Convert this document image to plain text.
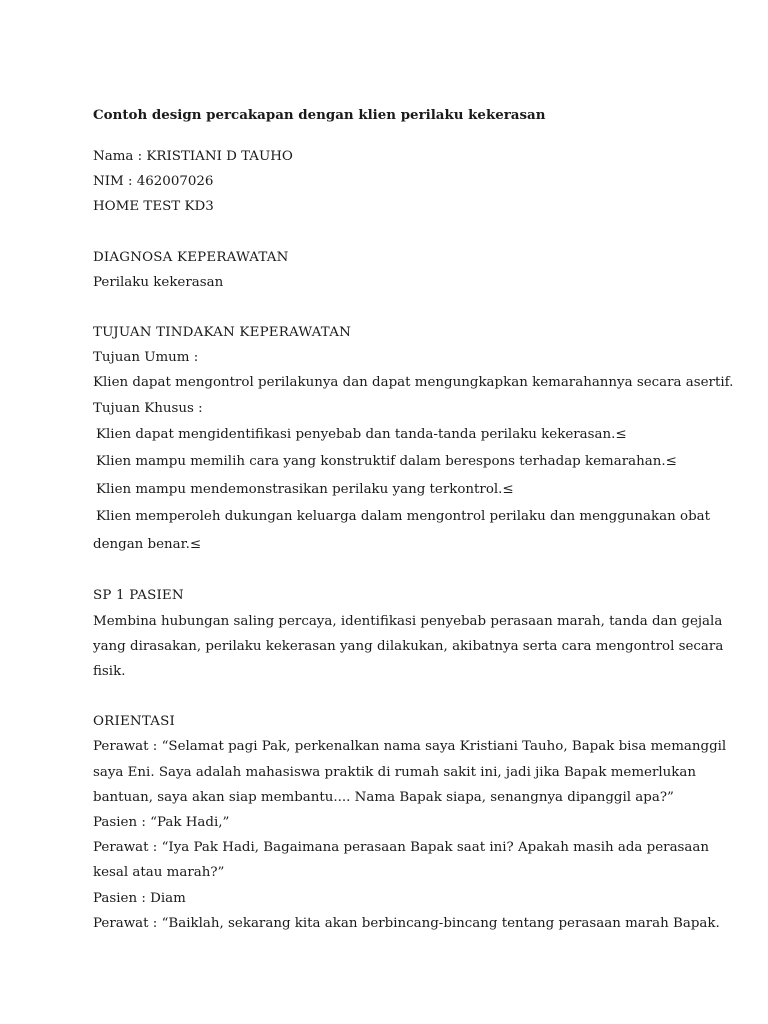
Contoh design percakapan dengan klien perilaku kekerasan

Nama : KRISTIANI D TAUHO

NIM : 462007026

HOME TEST KD3

DIAGNOSA KEPERAWATAN

Perilaku kekerasan

TUJUAN TINDAKAN KEPERAWATAN

Tujuan Umum :

Klien dapat mengontrol perilakunya dan dapat mengungkapkan kemarahannya secara asertif.

Tujuan Khusus :

Klien dapat mengidentifikasi penyebab dan tanda-tanda perilaku kekerasan.≤

Klien mampu memilih cara yang konstruktif dalam berespons terhadap kemarahan.≤

Klien mampu mendemonstrasikan perilaku yang terkontrol.≤

Klien memperoleh dukungan keluarga dalam mengontrol perilaku dan menggunakan obat

dengan benar.≤

SP 1 PASIEN

Membina hubungan saling percaya, identifikasi penyebab perasaan marah, tanda dan gejala

yang dirasakan, perilaku kekerasan yang dilakukan, akibatnya serta cara mengontrol secara

fisik.

ORIENTASI

Perawat : “Selamat pagi Pak, perkenalkan nama saya Kristiani Tauho, Bapak bisa memanggil

saya Eni. Saya adalah mahasiswa praktik di rumah sakit ini, jadi jika Bapak memerlukan

bantuan, saya akan siap membantu.... Nama Bapak siapa, senangnya dipanggil apa?”

Pasien : “Pak Hadi,”

Perawat : “Iya Pak Hadi, Bagaimana perasaan Bapak saat ini? Apakah masih ada perasaan

kesal atau marah?”

Pasien : Diam

Perawat : “Baiklah, sekarang kita akan berbincang-bincang tentang perasaan marah Bapak.
